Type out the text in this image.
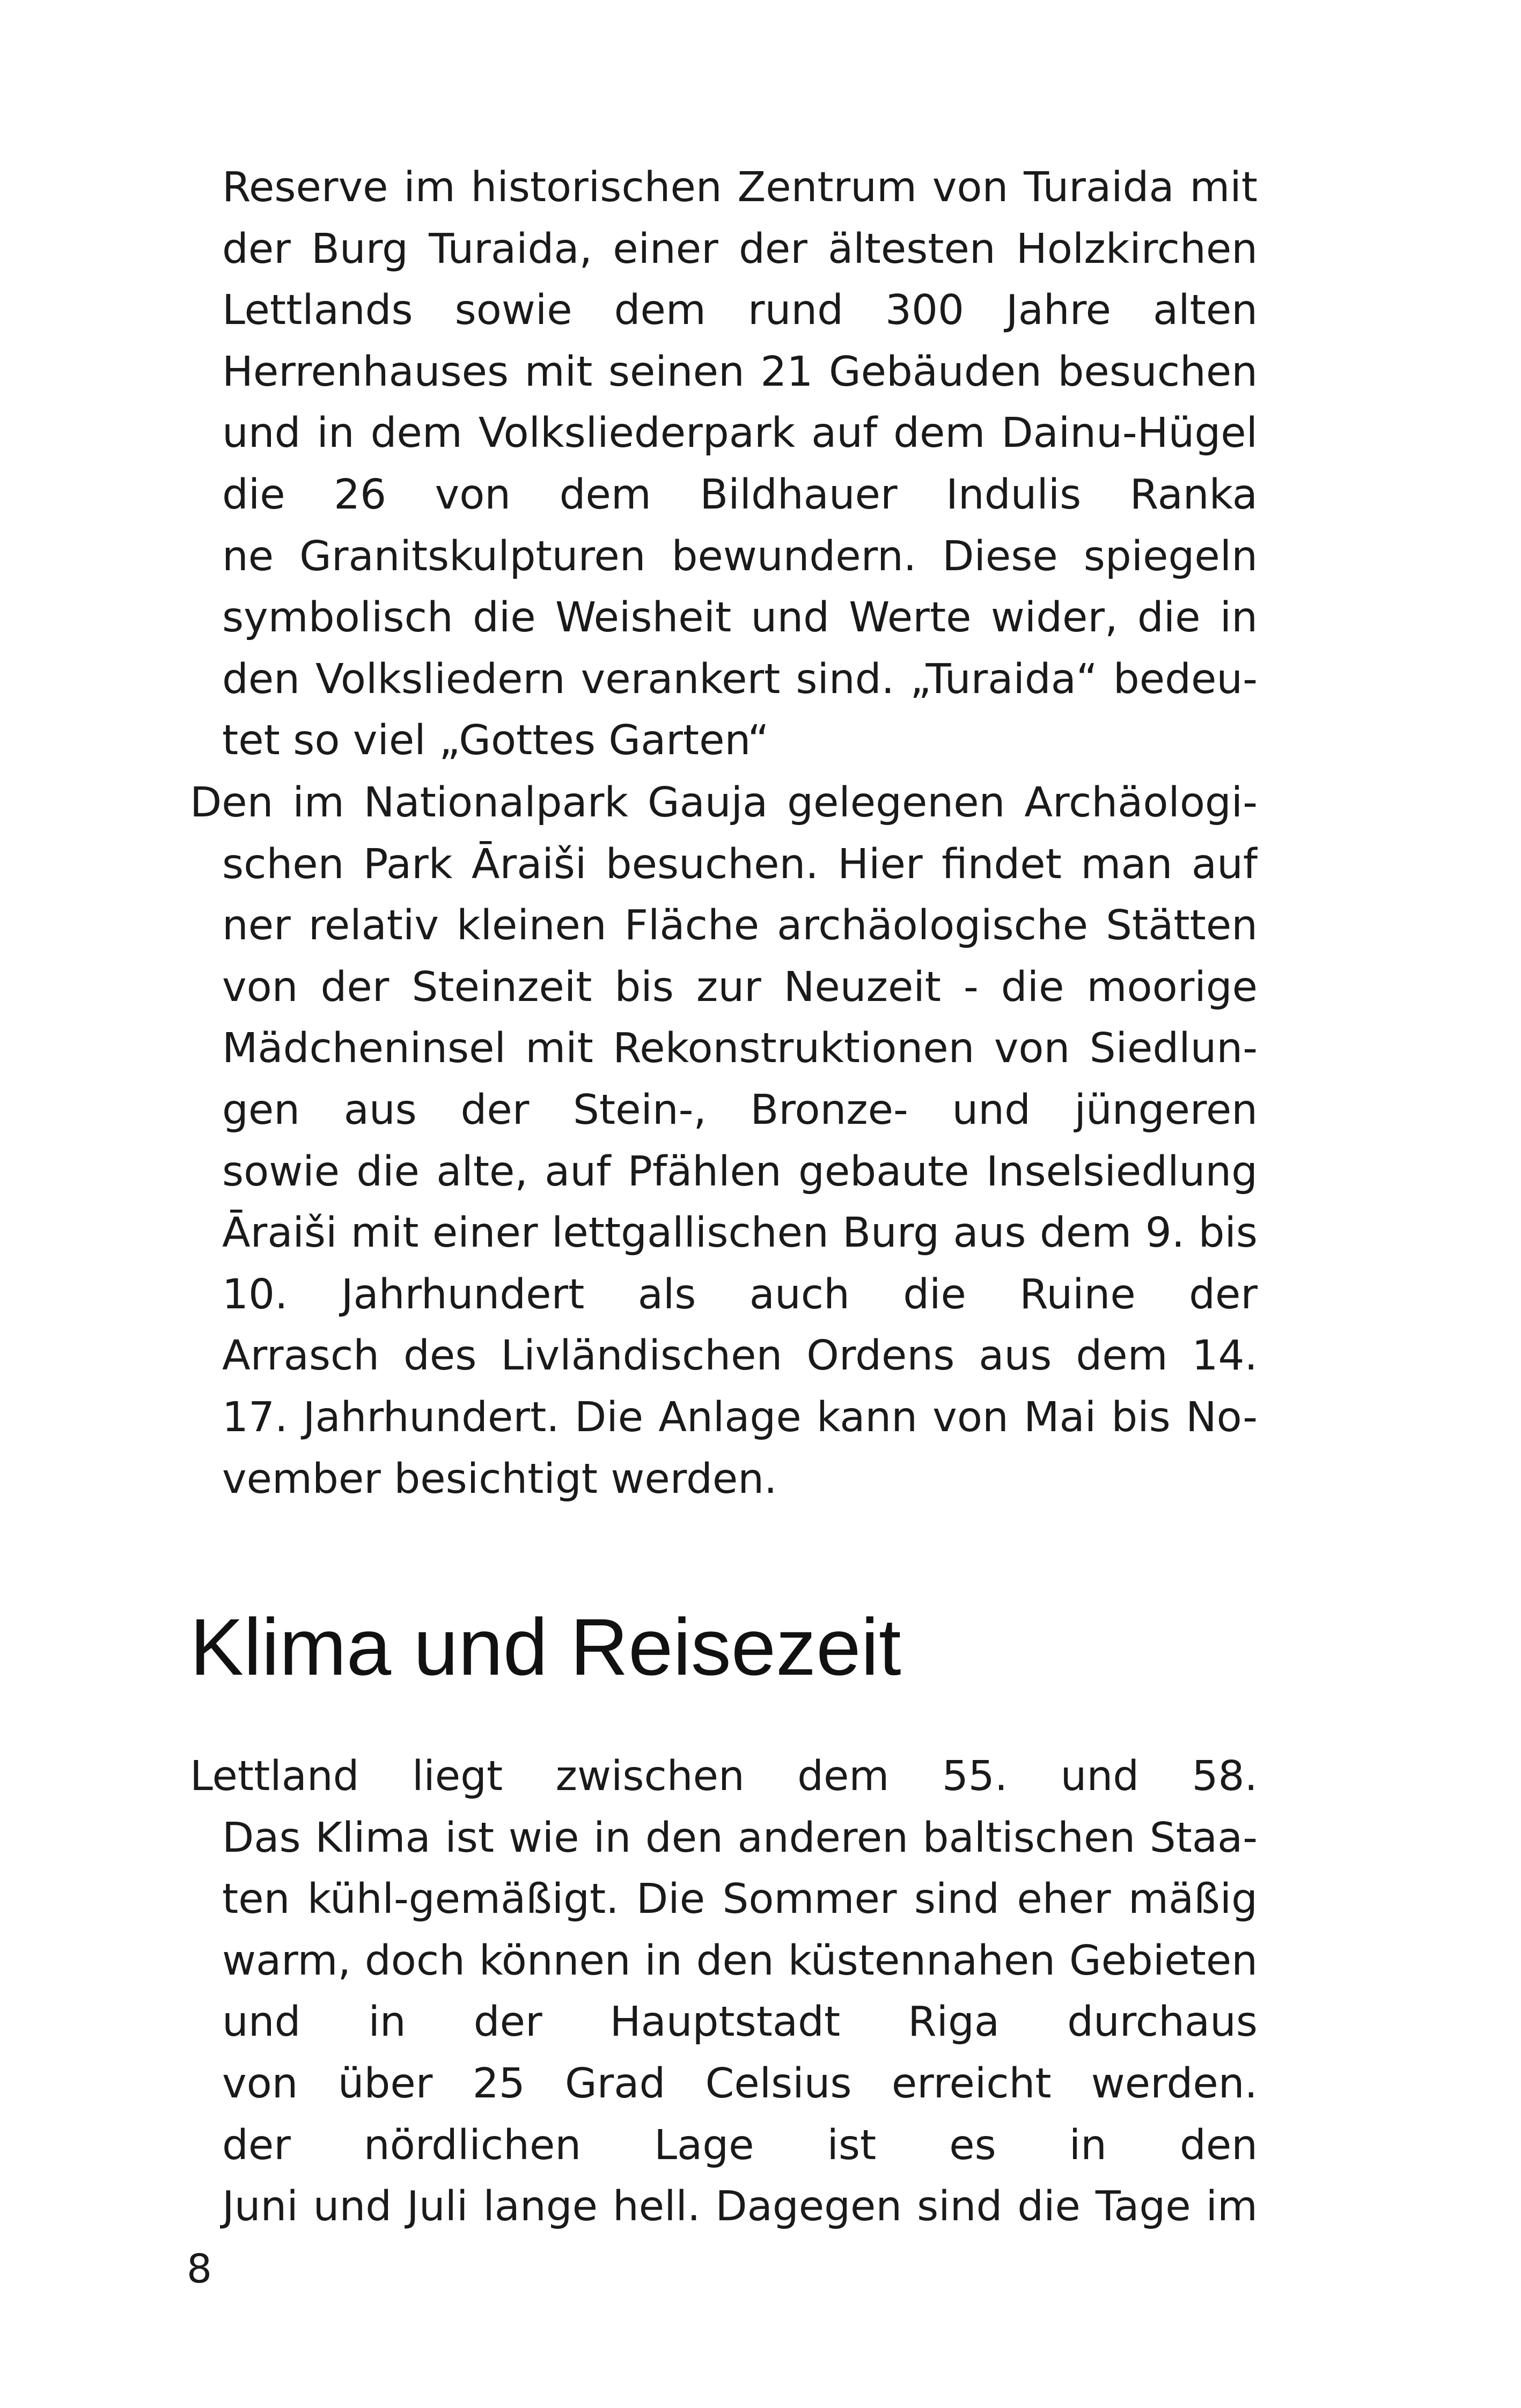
Reserve im historischen Zentrum von Turaida mit
der Burg Turaida, einer der ältesten Holzkirchen
Lettlands sowie dem rund 300 Jahre alten
Herrenhauses mit seinen 21 Gebäuden besuchen
und in dem Volksliederpark auf dem Dainu-Hügel
die 26 von dem Bildhauer Indulis Ranka
ne Granitskulpturen bewundern. Diese spiegeln
symbolisch die Weisheit und Werte wider, die in
den Volksliedern verankert sind. „Turaida“ bedeu-
tet so viel „Gottes Garten“
Den im Nationalpark Gauja gelegenen Archäologi-
schen Park Āraiši besuchen. Hier findet man auf
ner relativ kleinen Fläche archäologische Stätten
von der Steinzeit bis zur Neuzeit - die moorige
Mädcheninsel mit Rekonstruktionen von Siedlun-
gen aus der Stein-, Bronze- und jüngeren
sowie die alte, auf Pfählen gebaute Inselsiedlung
Āraiši mit einer lettgallischen Burg aus dem 9. bis
10. Jahrhundert als auch die Ruine der
Arrasch des Livländischen Ordens aus dem 14.
17. Jahrhundert. Die Anlage kann von Mai bis No-
vember besichtigt werden.
Klima und Reisezeit
Lettland liegt zwischen dem 55. und 58.
Das Klima ist wie in den anderen baltischen Staa-
ten kühl-gemäßigt. Die Sommer sind eher mäßig
warm, doch können in den küstennahen Gebieten
und in der Hauptstadt Riga durchaus
von über 25 Grad Celsius erreicht werden.
der nördlichen Lage ist es in den
Juni und Juli lange hell. Dagegen sind die Tage im
8
